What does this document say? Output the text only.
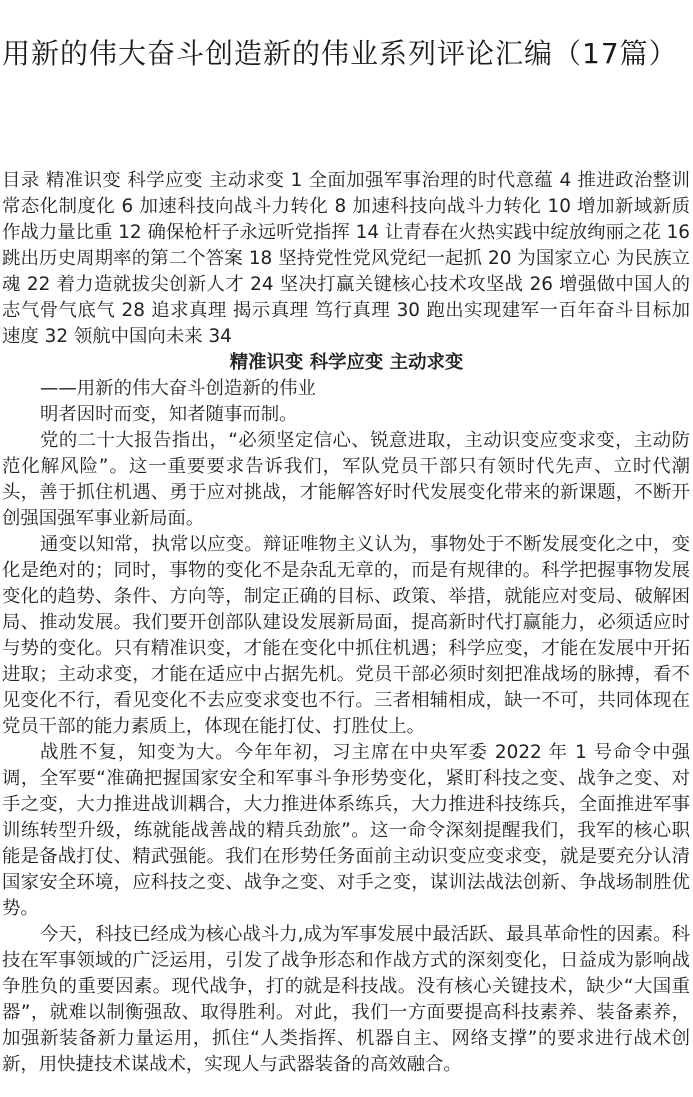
用新的伟大奋斗创造新的伟业系列评论汇编（17篇）

目录 精准识变 科学应变 主动求变 1 全面加强军事治理的时代意蕴 4 推进政治整训常态化制度化 6 加速科技向战斗力转化 8 加速科技向战斗力转化 10 增加新域新质作战力量比重 12 确保枪杆子永远听党指挥 14 让青春在火热实践中绽放绚丽之花 16 跳出历史周期率的第二个答案 18 坚持党性党风党纪一起抓 20 为国家立心 为民族立魂 22 着力造就拔尖创新人才 24 坚决打赢关键核心技术攻坚战 26 增强做中国人的志气骨气底气 28 追求真理 揭示真理 笃行真理 30 跑出实现建军一百年奋斗目标加速度 32 领航中国向未来 34

精准识变 科学应变 主动求变

——用新的伟大奋斗创造新的伟业

明者因时而变，知者随事而制。

党的二十大报告指出，“必须坚定信心、锐意进取，主动识变应变求变，主动防范化解风险”。这一重要要求告诉我们，军队党员干部只有领时代先声、立时代潮头，善于抓住机遇、勇于应对挑战，才能解答好时代发展变化带来的新课题，不断开创强国强军事业新局面。

通变以知常，执常以应变。辩证唯物主义认为，事物处于不断发展变化之中，变化是绝对的；同时，事物的变化不是杂乱无章的，而是有规律的。科学把握事物发展变化的趋势、条件、方向等，制定正确的目标、政策、举措，就能应对变局、破解困局、推动发展。我们要开创部队建设发展新局面，提高新时代打赢能力，必须适应时与势的变化。只有精准识变，才能在变化中抓住机遇；科学应变，才能在发展中开拓进取；主动求变，才能在适应中占据先机。党员干部必须时刻把准战场的脉搏，看不见变化不行，看见变化不去应变求变也不行。三者相辅相成，缺一不可，共同体现在党员干部的能力素质上，体现在能打仗、打胜仗上。

战胜不复，知变为大。今年年初，习主席在中央军委 2022 年 1 号命令中强调，全军要“准确把握国家安全和军事斗争形势变化，紧盯科技之变、战争之变、对手之变，大力推进战训耦合，大力推进体系练兵，大力推进科技练兵，全面推进军事训练转型升级，练就能战善战的精兵劲旅”。这一命令深刻提醒我们，我军的核心职能是备战打仗、精武强能。我们在形势任务面前主动识变应变求变，就是要充分认清国家安全环境，应科技之变、战争之变、对手之变，谋训法战法创新、争战场制胜优势。

今天，科技已经成为核心战斗力,成为军事发展中最活跃、最具革命性的因素。科技在军事领域的广泛运用，引发了战争形态和作战方式的深刻变化，日益成为影响战争胜负的重要因素。现代战争，打的就是科技战。没有核心关键技术，缺少“大国重器”，就难以制衡强敌、取得胜利。对此，我们一方面要提高科技素养、装备素养，加强新装备新力量运用，抓住“人类指挥、机器自主、网络支撑”的要求进行战术创新，用快捷技术谋战术，实现人与武器装备的高效融合。
